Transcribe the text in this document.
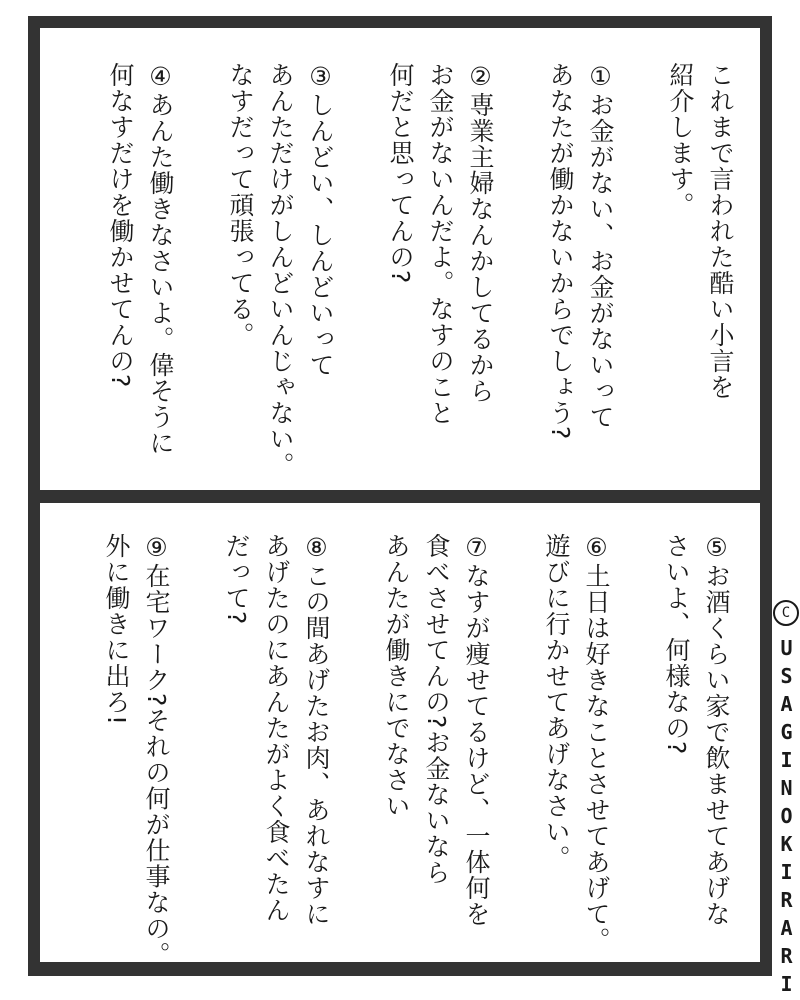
これまで言われた酷い小言を
紹介します。
①お金がない、お金がないって
あなたが働かないからでしょう?
②専業主婦なんかしてるから
お金がないんだよ。なすのこと
何だと思ってんの?
③しんどい、しんどいって
あんただけがしんどいんじゃない。
なすだって頑張ってる。
④あんた働きなさいよ。偉そうに
何なすだけを働かせてんの?
⑤お酒くらい家で飲ませてあげな
さいよ、何様なの?
⑥土日は好きなことさせてあげて。
遊びに行かせてあげなさい。
⑦なすが痩せてるけど、一体何を
食べさせてんの?お金ないなら
あんたが働きにでなさい
⑧この間あげたお肉、あれなすに
あげたのにあんたがよく食べたん
だって?
⑨在宅ワーク?それの何が仕事なの。
外に働きに出ろ!	C
USAGINOKIRARI
